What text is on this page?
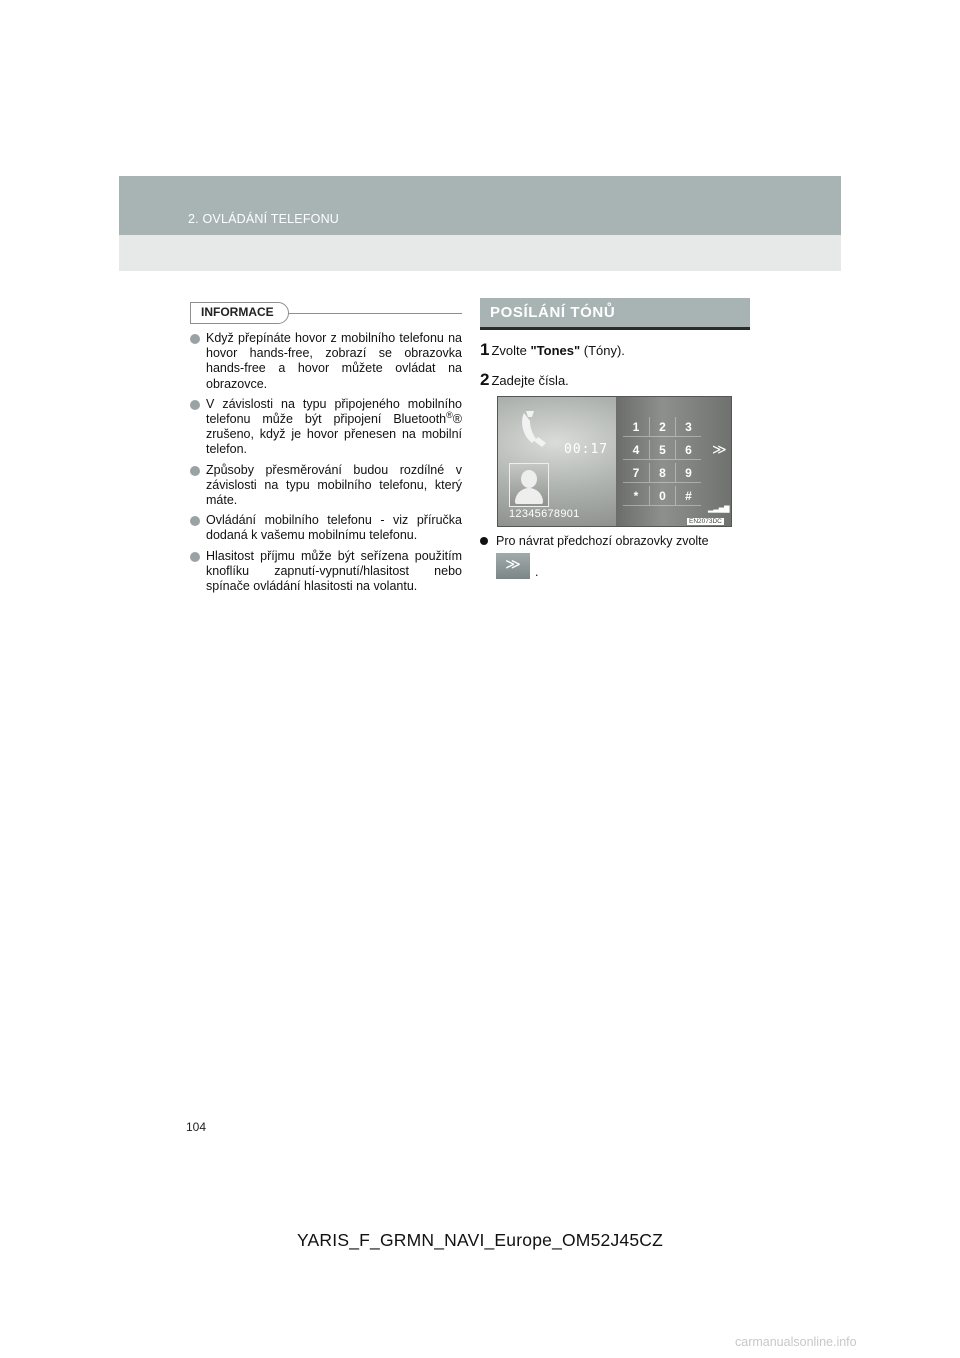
2. OVLÁDÁNÍ TELEFONU
INFORMACE
Když přepínáte hovor z mobilního telefonu na hovor hands-free, zobrazí se obrazovka hands-free a hovor můžete ovládat na obrazovce.
V závislosti na typu připojeného mobilního telefonu může být připojení Bluetooth®® zrušeno, když je hovor přenesen na mobilní telefon.
Způsoby přesměrování budou rozdílné v závislosti na typu mobilního telefonu, který máte.
Ovládání mobilního telefonu - viz příručka dodaná k vašemu mobilnímu telefonu.
Hlasitost příjmu může být seřízena použitím knoflíku zapnutí-vypnutí/hlasitost nebo spínače ovládání hlasitosti na volantu.
POSÍLÁNÍ TÓNŮ
1 Zvolte "Tones" (Tóny).
2 Zadejte čísla.
00:17
12345678901
1	2	3
4	5	6
7	8	9
*	0	#
≫
▂▃▅▇
EN2073DC
Pro návrat předchozí obrazovky zvolte
≫	.
104
YARIS_F_GRMN_NAVI_Europe_OM52J45CZ
carmanualsonline.info
